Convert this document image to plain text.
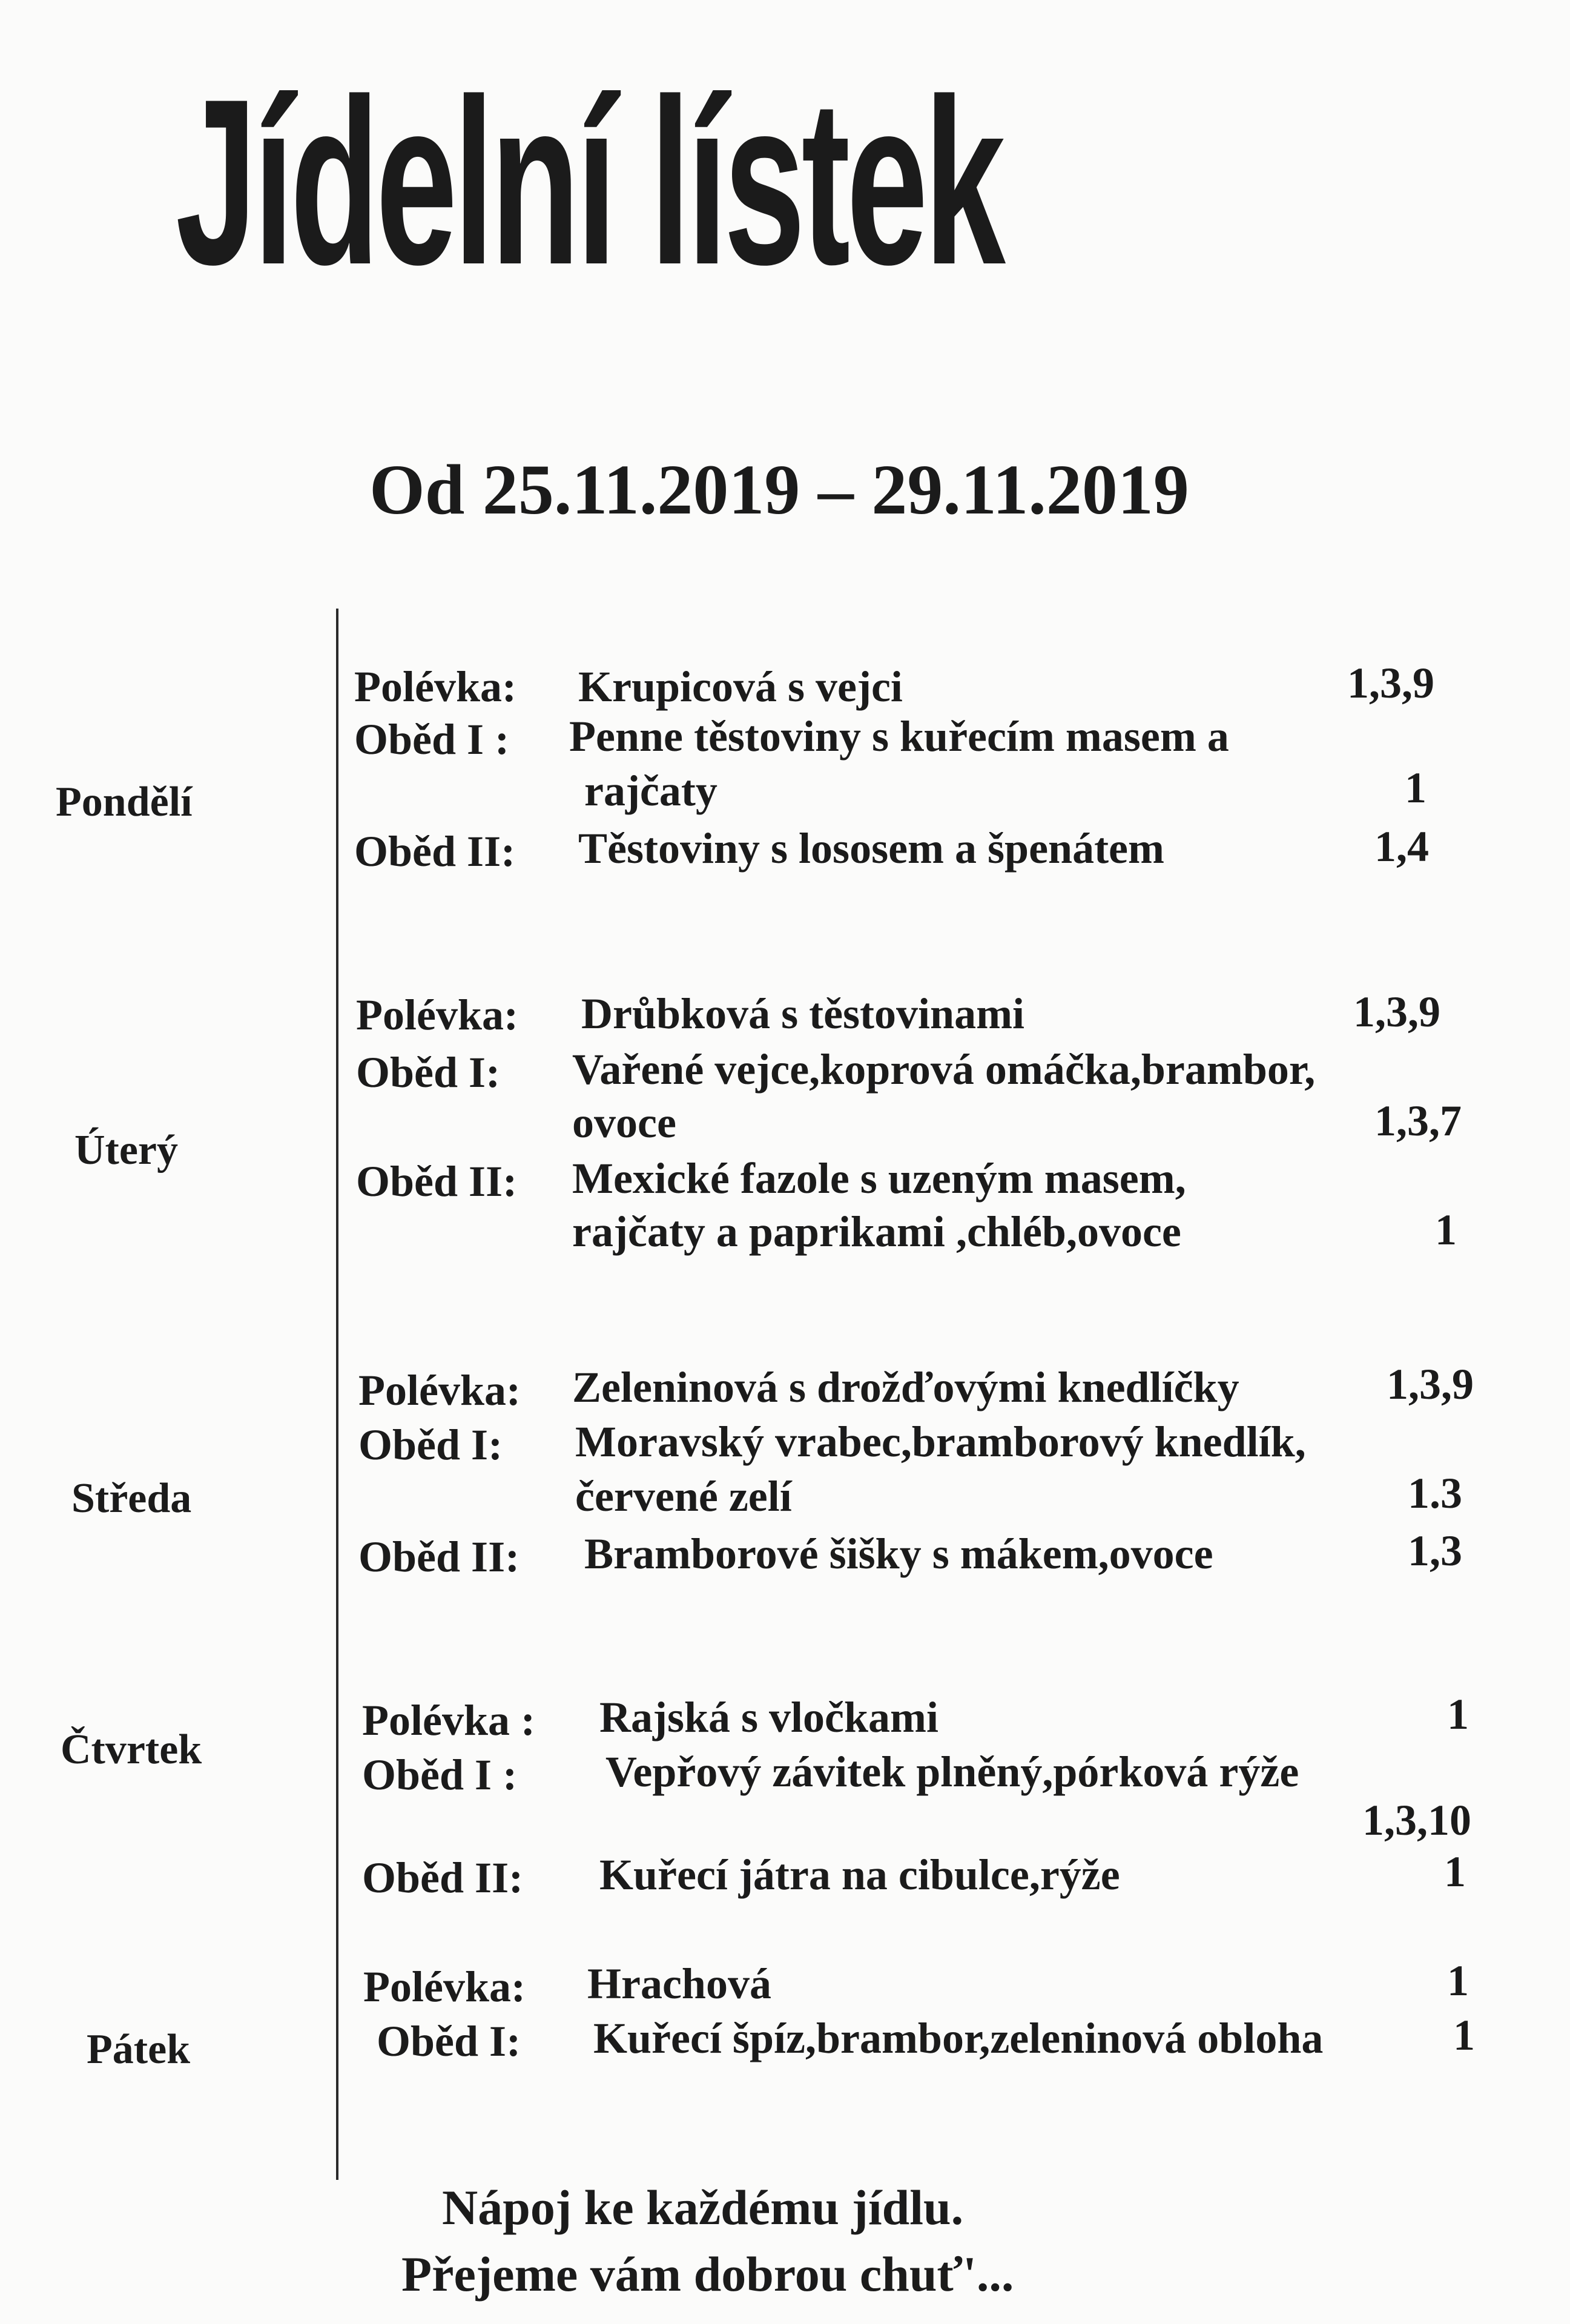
Jídelní lístek
Od 25.11.2019 – 29.11.2019
Pondělí
Polévka: Krupicová s vejci	1,3,9
Oběd I : Penne těstoviny s kuřecím masem a
rajčaty	1
Oběd II: Těstoviny s lososem a špenátem	1,4
Úterý
Polévka: Drůbková s těstovinami	1,3,9
Oběd I: Vařené vejce,koprová omáčka,brambor,
ovoce	1,3,7
Oběd II: Mexické fazole s uzeným masem,
rajčaty a paprikami ,chléb,ovoce	1
Středa
Polévka: Zeleninová s drožďovými knedlíčky	1,3,9
Oběd I: Moravský vrabec,bramborový knedlík,
červené zelí	1.3
Oběd II: Bramborové šišky s mákem,ovoce	1,3
Čtvrtek
Polévka : Rajská s vločkami	1
Oběd I : Vepřový závitek plněný,pórková rýže
1,3,10
Oběd II: Kuřecí játra na cibulce,rýže	1
Pátek
Polévka: Hrachová	1
Oběd I: Kuřecí špíz,brambor,zeleninová obloha	1
Nápoj ke každému jídlu.
Přejeme vám dobrou chuť'...
